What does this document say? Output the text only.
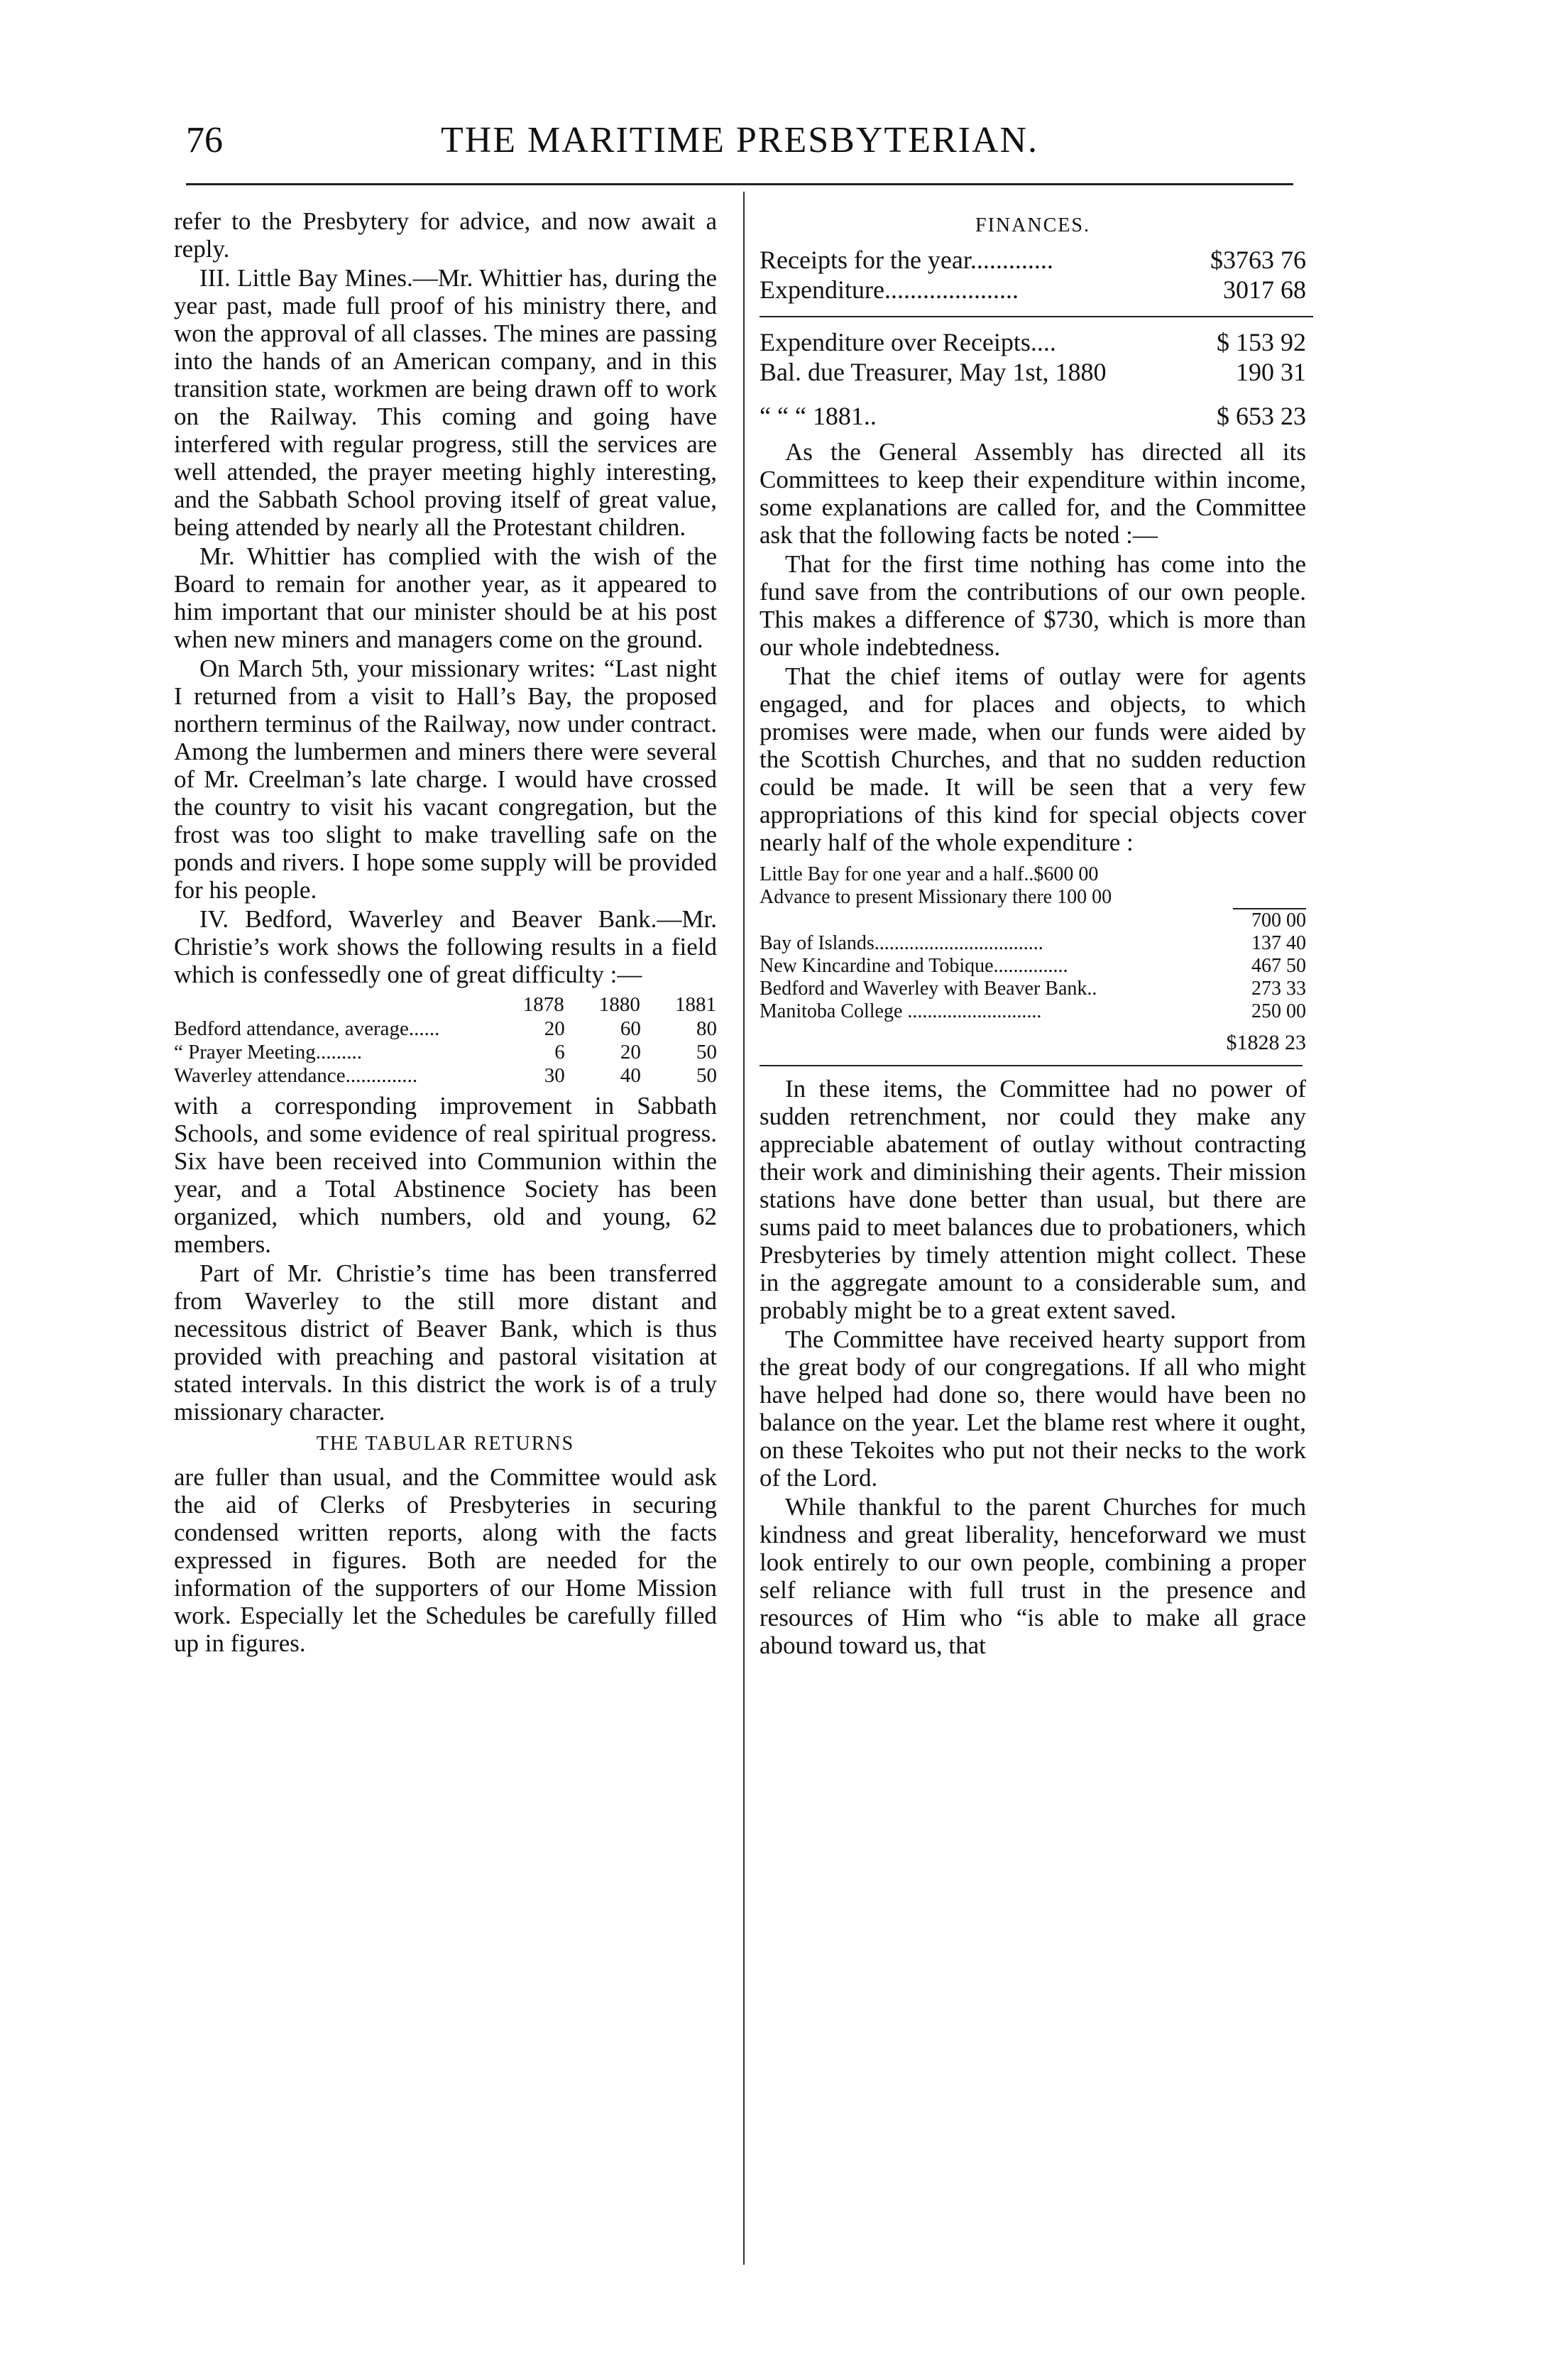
76	THE MARITIME PRESBYTERIAN.

refer to the Presbytery for advice, and now await a reply.

III. Little Bay Mines.—Mr. Whittier has, during the year past, made full proof of his ministry there, and won the approval of all classes. The mines are passing into the hands of an American company, and in this transition state, workmen are being drawn off to work on the Railway. This coming and going have interfered with regular progress, still the services are well attended, the prayer meeting highly interesting, and the Sabbath School proving itself of great value, being attended by nearly all the Protestant children.

Mr. Whittier has complied with the wish of the Board to remain for another year, as it appeared to him important that our minister should be at his post when new miners and managers come on the ground.

On March 5th, your missionary writes: “Last night I returned from a visit to Hall’s Bay, the proposed northern terminus of the Railway, now under contract. Among the lumbermen and miners there were several of Mr. Creelman’s late charge. I would have crossed the country to visit his vacant congregation, but the frost was too slight to make travelling safe on the ponds and rivers. I hope some supply will be provided for his people.

IV. Bedford, Waverley and Beaver Bank.—Mr. Christie’s work shows the following results in a field which is confessedly one of great difficulty :—

	1878	1880	1881
Bedford attendance, average......	20	60	80
“ Prayer Meeting.........	6	20	50
Waverley attendance..............	30	40	50

with a corresponding improvement in Sabbath Schools, and some evidence of real spiritual progress. Six have been received into Communion within the year, and a Total Abstinence Society has been organized, which numbers, old and young, 62 members.

Part of Mr. Christie’s time has been transferred from Waverley to the still more distant and necessitous district of Beaver Bank, which is thus provided with preaching and pastoral visitation at stated intervals. In this district the work is of a truly missionary character.

THE TABULAR RETURNS

are fuller than usual, and the Committee would ask the aid of Clerks of Presbyteries in securing condensed written reports, along with the facts expressed in figures. Both are needed for the information of the supporters of our Home Mission work. Especially let the Schedules be carefully filled up in figures.

FINANCES.
Receipts for the year.............	$3763 76
Expenditure.....................	3017 68
Expenditure over Receipts....	$ 153 92
Bal. due Treasurer, May 1st, 1880	190 31
“ “ “ 1881..	$ 653 23

As the General Assembly has directed all its Committees to keep their expenditure within income, some explanations are called for, and the Committee ask that the following facts be noted :—

That for the first time nothing has come into the fund save from the contributions of our own people. This makes a difference of $730, which is more than our whole indebtedness.

That the chief items of outlay were for agents engaged, and for places and objects, to which promises were made, when our funds were aided by the Scottish Churches, and that no sudden reduction could be made. It will be seen that a very few appropriations of this kind for special objects cover nearly half of the whole expenditure :

Little Bay for one year and a half..$600 00	
Advance to present Missionary there 100 00	
	700 00
Bay of Islands..................................	137 40
New Kincardine and Tobique...............	467 50
Bedford and Waverley with Beaver Bank..	273 33
Manitoba College ...........................	250 00
$1828 23

In these items, the Committee had no power of sudden retrenchment, nor could they make any appreciable abatement of outlay without contracting their work and diminishing their agents. Their mission stations have done better than usual, but there are sums paid to meet balances due to probationers, which Presbyteries by timely attention might collect. These in the aggregate amount to a considerable sum, and probably might be to a great extent saved.

The Committee have received hearty support from the great body of our congregations. If all who might have helped had done so, there would have been no balance on the year. Let the blame rest where it ought, on these Tekoites who put not their necks to the work of the Lord.

While thankful to the parent Churches for much kindness and great liberality, henceforward we must look entirely to our own people, combining a proper self reliance with full trust in the presence and resources of Him who “is able to make all grace abound toward us, that
